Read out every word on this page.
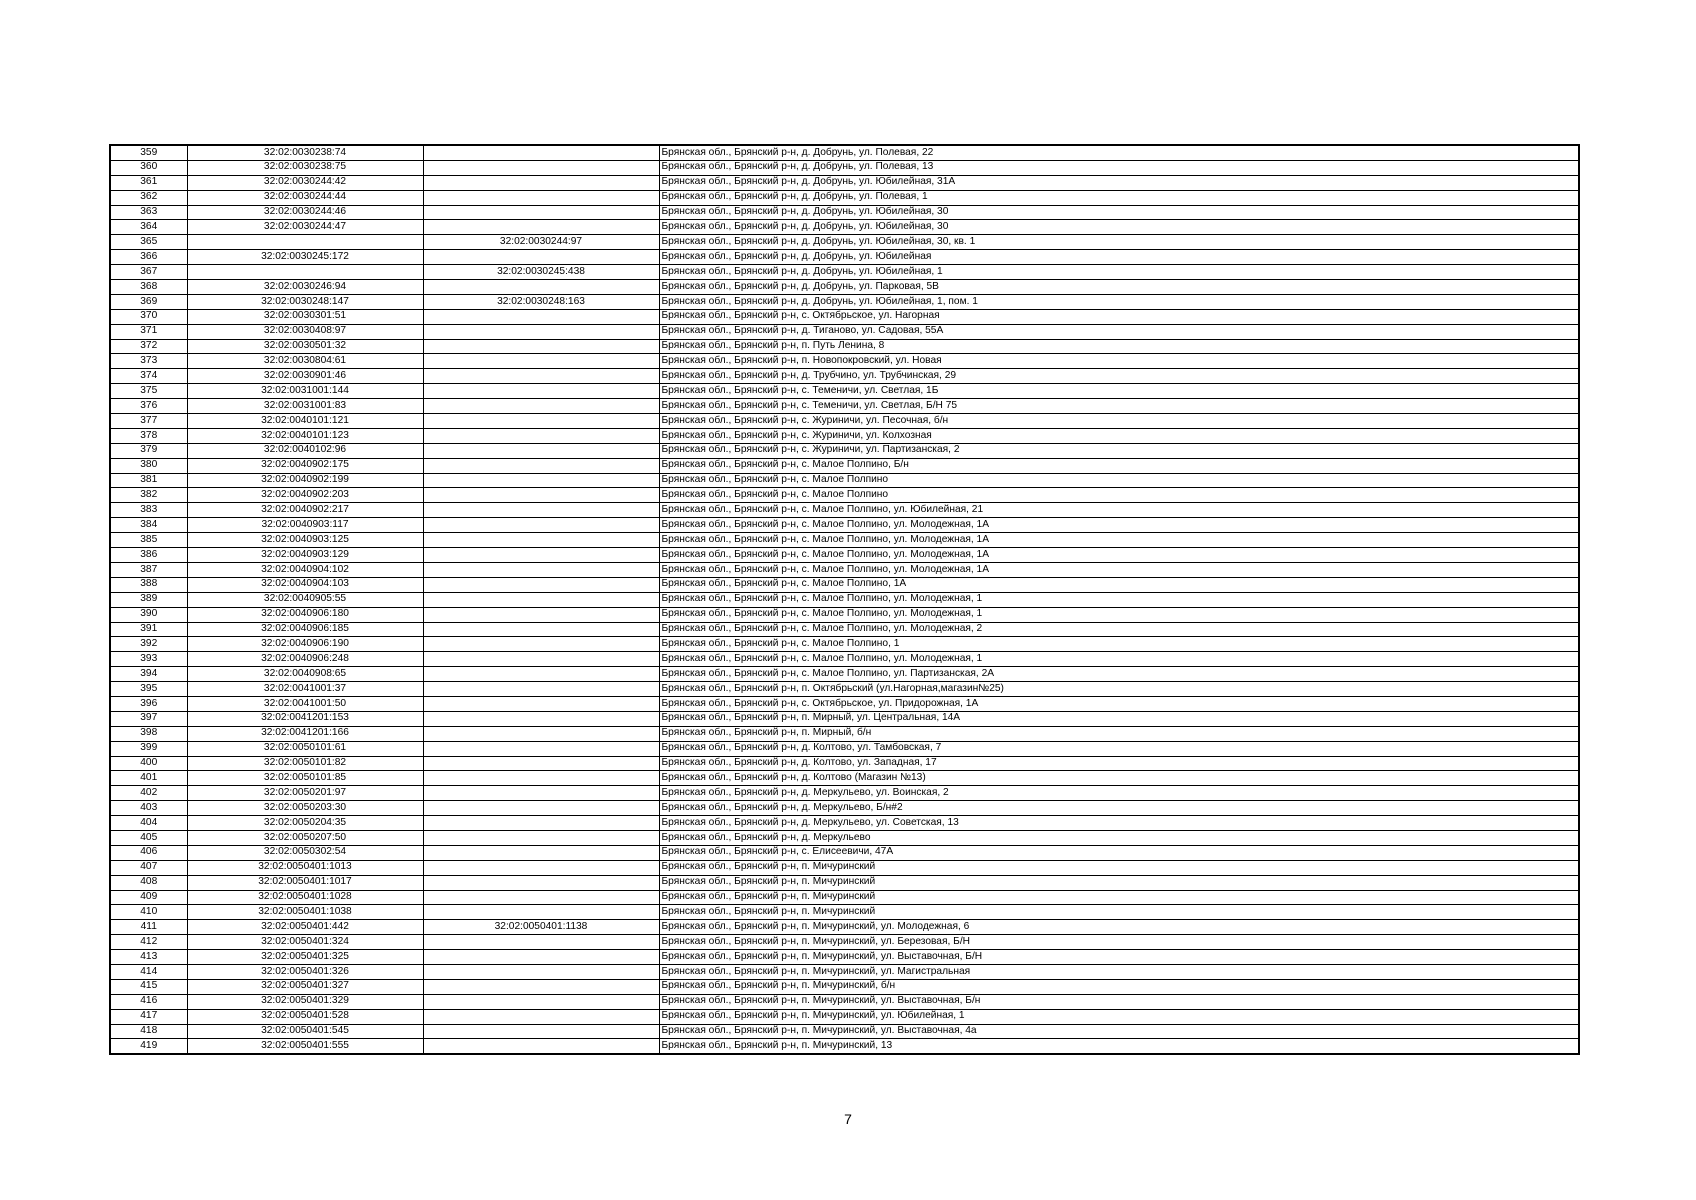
359	32:02:0030238:74		Брянская обл., Брянский р-н, д. Добрунь, ул. Полевая, 22
360	32:02:0030238:75		Брянская обл., Брянский р-н, д. Добрунь, ул. Полевая, 13
361	32:02:0030244:42		Брянская обл., Брянский р-н, д. Добрунь, ул. Юбилейная, 31А
362	32:02:0030244:44		Брянская обл., Брянский р-н, д. Добрунь, ул. Полевая, 1
363	32:02:0030244:46		Брянская обл., Брянский р-н, д. Добрунь, ул. Юбилейная, 30
364	32:02:0030244:47		Брянская обл., Брянский р-н, д. Добрунь, ул. Юбилейная, 30
365		32:02:0030244:97	Брянская обл., Брянский р-н, д. Добрунь, ул. Юбилейная, 30, кв. 1
366	32:02:0030245:172		Брянская обл., Брянский р-н, д. Добрунь, ул. Юбилейная
367		32:02:0030245:438	Брянская обл., Брянский р-н, д. Добрунь, ул. Юбилейная, 1
368	32:02:0030246:94		Брянская обл., Брянский р-н, д. Добрунь, ул. Парковая, 5В
369	32:02:0030248:147	32:02:0030248:163	Брянская обл., Брянский р-н, д. Добрунь, ул. Юбилейная, 1, пом. 1
370	32:02:0030301:51		Брянская обл., Брянский р-н, с. Октябрьское, ул. Нагорная
371	32:02:0030408:97		Брянская обл., Брянский р-н, д. Тиганово, ул. Садовая, 55А
372	32:02:0030501:32		Брянская обл., Брянский р-н, п. Путь Ленина, 8
373	32:02:0030804:61		Брянская обл., Брянский р-н, п. Новопокровский, ул. Новая
374	32:02:0030901:46		Брянская обл., Брянский р-н, д. Трубчино, ул. Трубчинская, 29
375	32:02:0031001:144		Брянская обл., Брянский р-н, с. Теменичи, ул. Светлая, 1Б
376	32:02:0031001:83		Брянская обл., Брянский р-н, с. Теменичи, ул. Светлая, Б/Н 75
377	32:02:0040101:121		Брянская обл., Брянский р-н, с. Журиничи, ул. Песочная, б/н
378	32:02:0040101:123		Брянская обл., Брянский р-н, с. Журиничи, ул. Колхозная
379	32:02:0040102:96		Брянская обл., Брянский р-н, с. Журиничи, ул. Партизанская, 2
380	32:02:0040902:175		Брянская обл., Брянский р-н, с. Малое Полпино, Б/н
381	32:02:0040902:199		Брянская обл., Брянский р-н, с. Малое Полпино
382	32:02:0040902:203		Брянская обл., Брянский р-н, с. Малое Полпино
383	32:02:0040902:217		Брянская обл., Брянский р-н, с. Малое Полпино, ул. Юбилейная, 21
384	32:02:0040903:117		Брянская обл., Брянский р-н, с. Малое Полпино, ул. Молодежная, 1А
385	32:02:0040903:125		Брянская обл., Брянский р-н, с. Малое Полпино, ул. Молодежная, 1А
386	32:02:0040903:129		Брянская обл., Брянский р-н, с. Малое Полпино, ул. Молодежная, 1А
387	32:02:0040904:102		Брянская обл., Брянский р-н, с. Малое Полпино, ул. Молодежная, 1А
388	32:02:0040904:103		Брянская обл., Брянский р-н, с. Малое Полпино, 1А
389	32:02:0040905:55		Брянская обл., Брянский р-н, с. Малое Полпино, ул. Молодежная, 1
390	32:02:0040906:180		Брянская обл., Брянский р-н, с. Малое Полпино, ул. Молодежная, 1
391	32:02:0040906:185		Брянская обл., Брянский р-н, с. Малое Полпино, ул. Молодежная, 2
392	32:02:0040906:190		Брянская обл., Брянский р-н, с. Малое Полпино, 1
393	32:02:0040906:248		Брянская обл., Брянский р-н, с. Малое Полпино, ул. Молодежная, 1
394	32:02:0040908:65		Брянская обл., Брянский р-н, с. Малое Полпино, ул. Партизанская, 2А
395	32:02:0041001:37		Брянская обл., Брянский р-н, п. Октябрьский (ул.Нагорная,магазин№25)
396	32:02:0041001:50		Брянская обл., Брянский р-н, с. Октябрьское, ул. Придорожная, 1А
397	32:02:0041201:153		Брянская обл., Брянский р-н, п. Мирный, ул. Центральная, 14А
398	32:02:0041201:166		Брянская обл., Брянский р-н, п. Мирный, б/н
399	32:02:0050101:61		Брянская обл., Брянский р-н, д. Колтово, ул. Тамбовская, 7
400	32:02:0050101:82		Брянская обл., Брянский р-н, д. Колтово, ул. Западная, 17
401	32:02:0050101:85		Брянская обл., Брянский р-н, д. Колтово (Магазин №13)
402	32:02:0050201:97		Брянская обл., Брянский р-н, д. Меркульево, ул. Воинская, 2
403	32:02:0050203:30		Брянская обл., Брянский р-н, д. Меркульево, Б/н#2
404	32:02:0050204:35		Брянская обл., Брянский р-н, д. Меркульево, ул. Советская, 13
405	32:02:0050207:50		Брянская обл., Брянский р-н, д. Меркульево
406	32:02:0050302:54		Брянская обл., Брянский р-н, с. Елисеевичи, 47А
407	32:02:0050401:1013		Брянская обл., Брянский р-н, п. Мичуринский
408	32:02:0050401:1017		Брянская обл., Брянский р-н, п. Мичуринский
409	32:02:0050401:1028		Брянская обл., Брянский р-н, п. Мичуринский
410	32:02:0050401:1038		Брянская обл., Брянский р-н, п. Мичуринский
411	32:02:0050401:442	32:02:0050401:1138	Брянская обл., Брянский р-н, п. Мичуринский, ул. Молодежная, 6
412	32:02:0050401:324		Брянская обл., Брянский р-н, п. Мичуринский, ул. Березовая, Б/Н
413	32:02:0050401:325		Брянская обл., Брянский р-н, п. Мичуринский, ул. Выставочная, Б/Н
414	32:02:0050401:326		Брянская обл., Брянский р-н, п. Мичуринский, ул. Магистральная
415	32:02:0050401:327		Брянская обл., Брянский р-н, п. Мичуринский, б/н
416	32:02:0050401:329		Брянская обл., Брянский р-н, п. Мичуринский, ул. Выставочная, Б/н
417	32:02:0050401:528		Брянская обл., Брянский р-н, п. Мичуринский, ул. Юбилейная, 1
418	32:02:0050401:545		Брянская обл., Брянский р-н, п. Мичуринский, ул. Выставочная, 4а
419	32:02:0050401:555		Брянская обл., Брянский р-н, п. Мичуринский, 13
7
